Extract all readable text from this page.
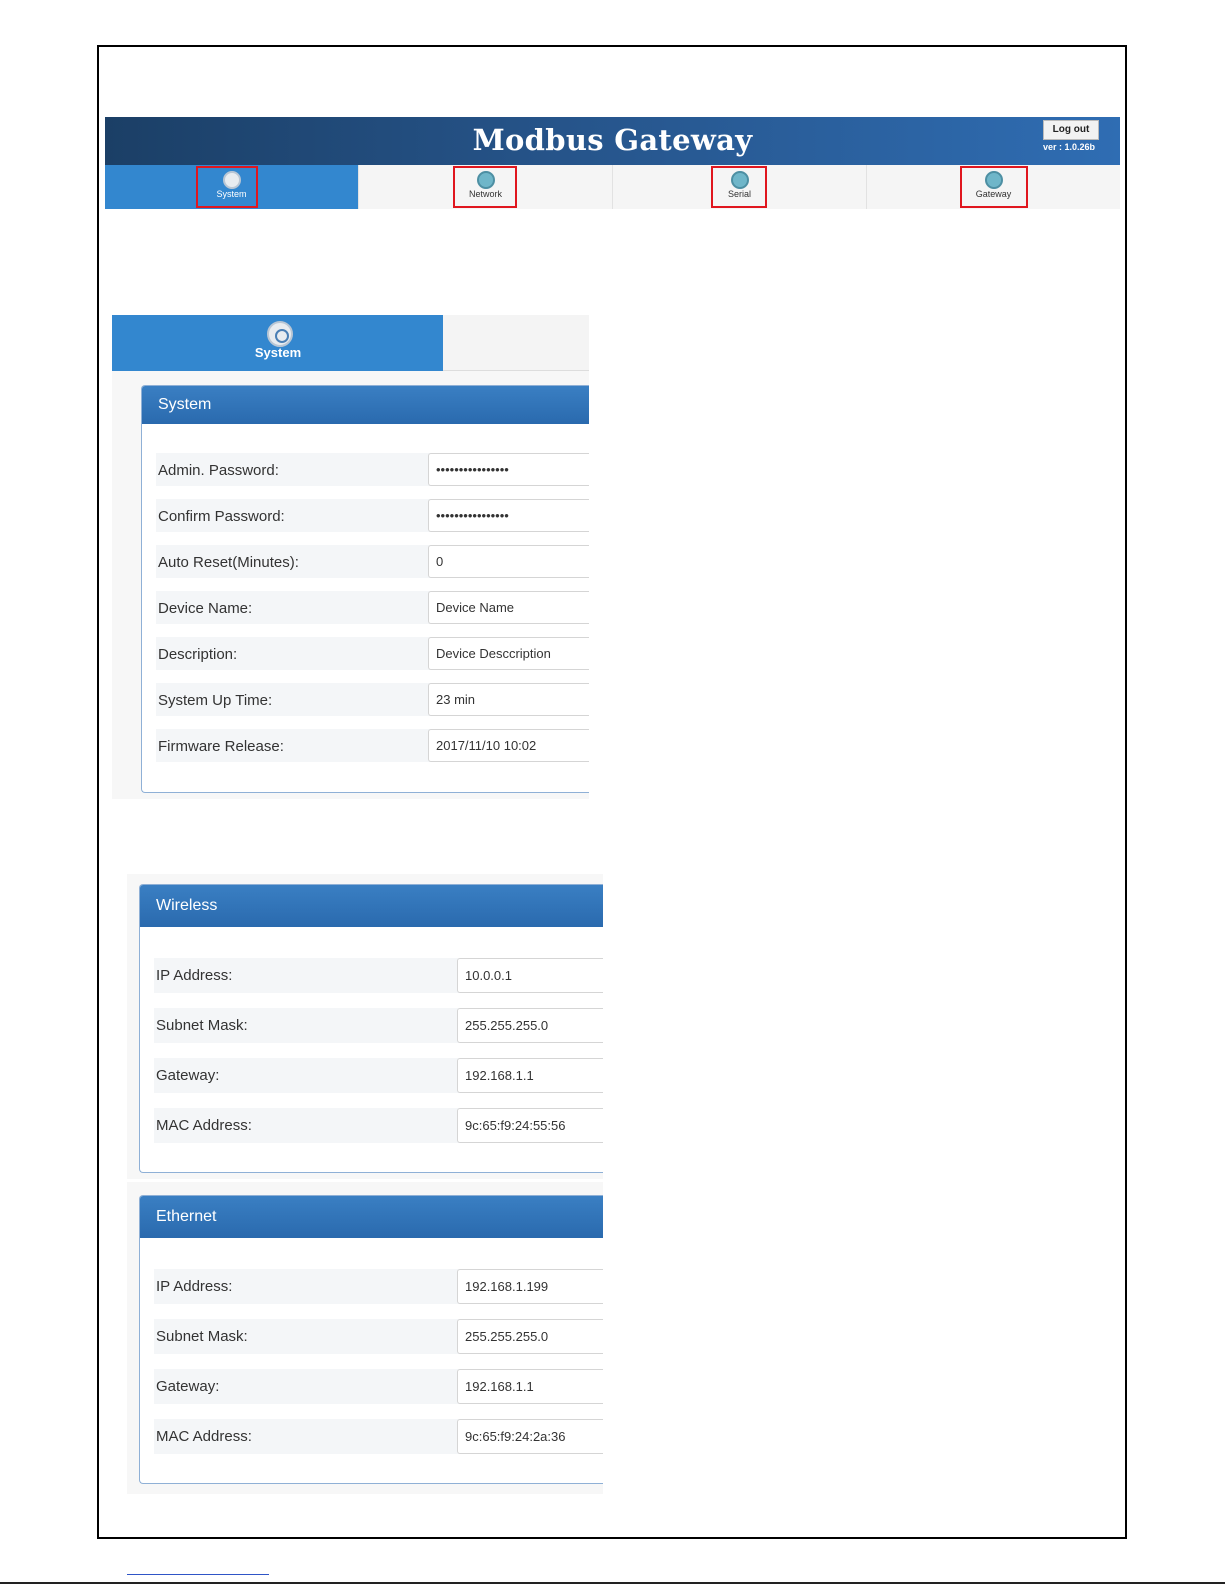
Modbus Gateway	Log out
ver : 1.0.26b
System	Network	Serial	Gateway
System
System
Admin. Password:	••••••••••••••••
Confirm Password:	••••••••••••••••
Auto Reset(Minutes):	0
Device Name:	Device Name
Description:	Device Desccription
System Up Time:	23 min
Firmware Release:	2017/11/10 10:02
Wireless
IP Address:	10.0.0.1
Subnet Mask:	255.255.255.0
Gateway:	192.168.1.1
MAC Address:	9c:65:f9:24:55:56
Ethernet
IP Address:	192.168.1.199
Subnet Mask:	255.255.255.0
Gateway:	192.168.1.1
MAC Address:	9c:65:f9:24:2a:36
